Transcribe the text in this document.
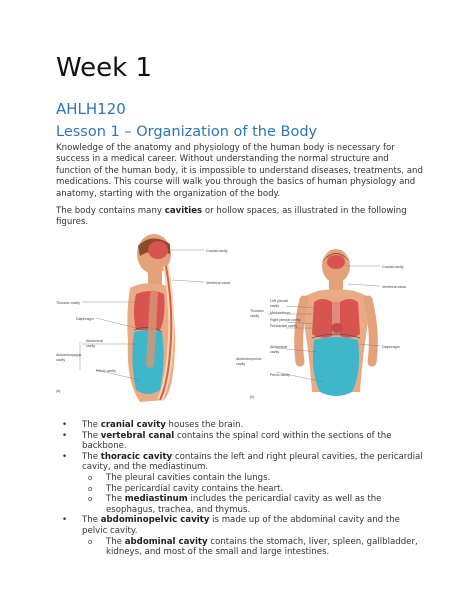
Week 1
AHLH120
Lesson 1 – Organization of the Body
Knowledge of the anatomy and physiology of the human body is necessary for success in a medical career. Without understanding the normal structure and function of the human body, it is impossible to understand diseases, treatments, and medications. This course will walk you through the basics of human physiology and anatomy, starting with the organization of the body.
The body contains many cavities or hollow spaces, as illustrated in the following figures.
Cranial cavity
Vertebral canal
Thoracic cavity
Diaphragm
Abdominal
cavity
Abdominopelvic
cavity
Pelvic cavity
(a)
Cranial cavity
Vertebral canal
Left pleural
cavity
Mediastinum
Right pleural cavity
Pericardial cavity
Thoracic
cavity
Diaphragm
Abdominal
cavity
Abdominopelvic
cavity
Pelvic cavity
(b)
• The cranial cavity houses the brain.
• The vertebral canal contains the spinal cord within the sections of the backbone.
• The thoracic cavity contains the left and right pleural cavities, the pericardial cavity, and the mediastinum.
o The pleural cavities contain the lungs.
o The pericardial cavity contains the heart.
o The mediastinum includes the pericardial cavity as well as the esophagus, trachea, and thymus.
• The abdominopelvic cavity is made up of the abdominal cavity and the pelvic cavity.
o The abdominal cavity contains the stomach, liver, spleen, gallbladder, kidneys, and most of the small and large intestines.
